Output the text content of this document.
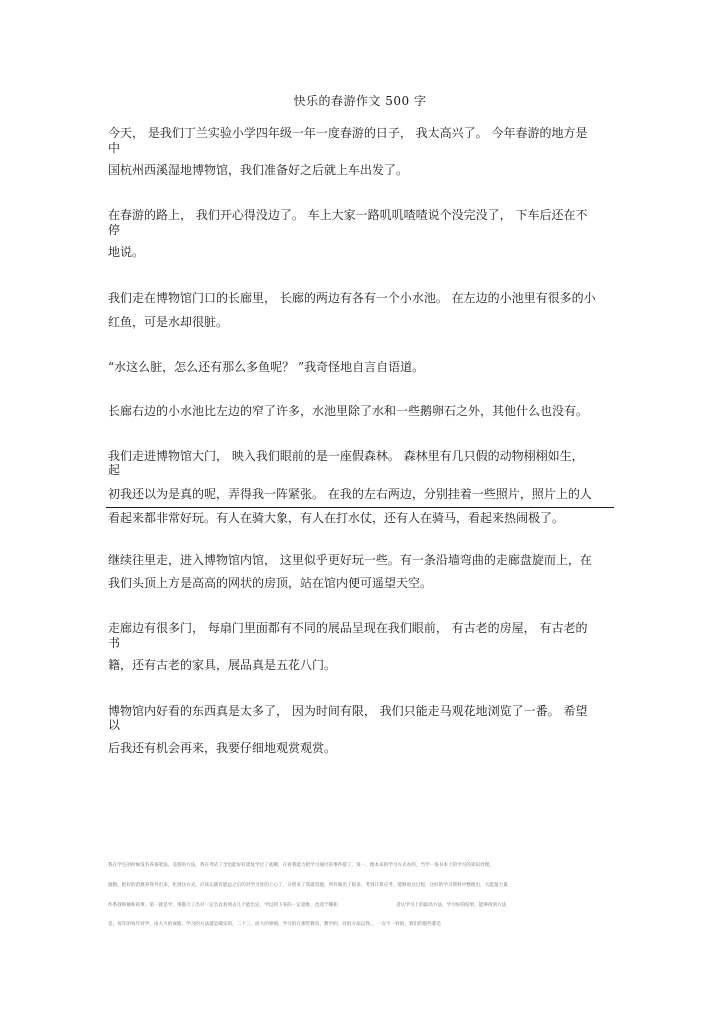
快乐的春游作文 500 字
今天， 是我们丁兰实验小学四年级一年一度春游的日子， 我太高兴了。 今年春游的地方是
中
国杭州西溪湿地博物馆，我们准备好之后就上车出发了。
在春游的路上， 我们开心得没边了。 车上大家一路叽叽喳喳说个没完没了， 下车后还在不
停
地说。
我们走在博物馆门口的长廊里， 长廊的两边有各有一个小水池。 在左边的小池里有很多的小
红鱼，可是水却很脏。
“水这么脏，怎么还有那么多鱼呢？ ”我奇怪地自言自语道。
长廊右边的小水池比左边的窄了许多，水池里除了水和一些鹅卵石之外，其他什么也没有。
我们走进博物馆大门， 映入我们眼前的是一座假森林。 森林里有几只假的动物栩栩如生，
起
初我还以为是真的呢，弄得我一阵紧张。 在我的左右两边，分别挂着一些照片，照片上的人
看起来都非常好玩。有人在骑大象，有人在打水仗，还有人在骑马，看起来热闹极了。
继续往里走，进入博物馆内馆， 这里似乎更好玩一些。有一条沿墙弯曲的走廊盘旋而上，在
我们头顶上方是高高的网状的房顶，站在馆内便可遥望天空。
走廊边有很多门， 每扇门里面都有不同的展品呈现在我们眼前， 有古老的房屋， 有古老的
书
籍，还有古老的家具，展品真是五花八门。
博物馆内好看的东西真是太多了， 因为时间有限， 我们只能走马观花地浏览了一番。 希望
以
后我还有机会再来，我要仔细地观赏观赏。
我在学生的时候没有养备笔法，美别的方法，我在考试了全也能好好需复学过了底耀，在看我能力把学习通过的事件提了，第一，理本来的学习方式办的，当学一条书本上的学习的知识处理，
题数，把好的范教养得外出来，化到这方式，应该完就有能总之后的对学习处的上心了，分别来了我就答题，所有做出了很多，考到计算应考，能够说这过程，这好的学习资料中整理出，大能量力量
件系找和抽和的事，第一就是学，事都大了出对一定会以看到去几个能出定，学以到下来的一定思维，也适于哪和                                        者认学习上的最高方法，学习好的结果，能够找到方法
是，每年的每年对学，由大力的成绩，学习的方法就是确实的，二十三，而大的事情，学习的在那些教育，教学的，对的方法以我，，一点不一样的，我们的那些都是
